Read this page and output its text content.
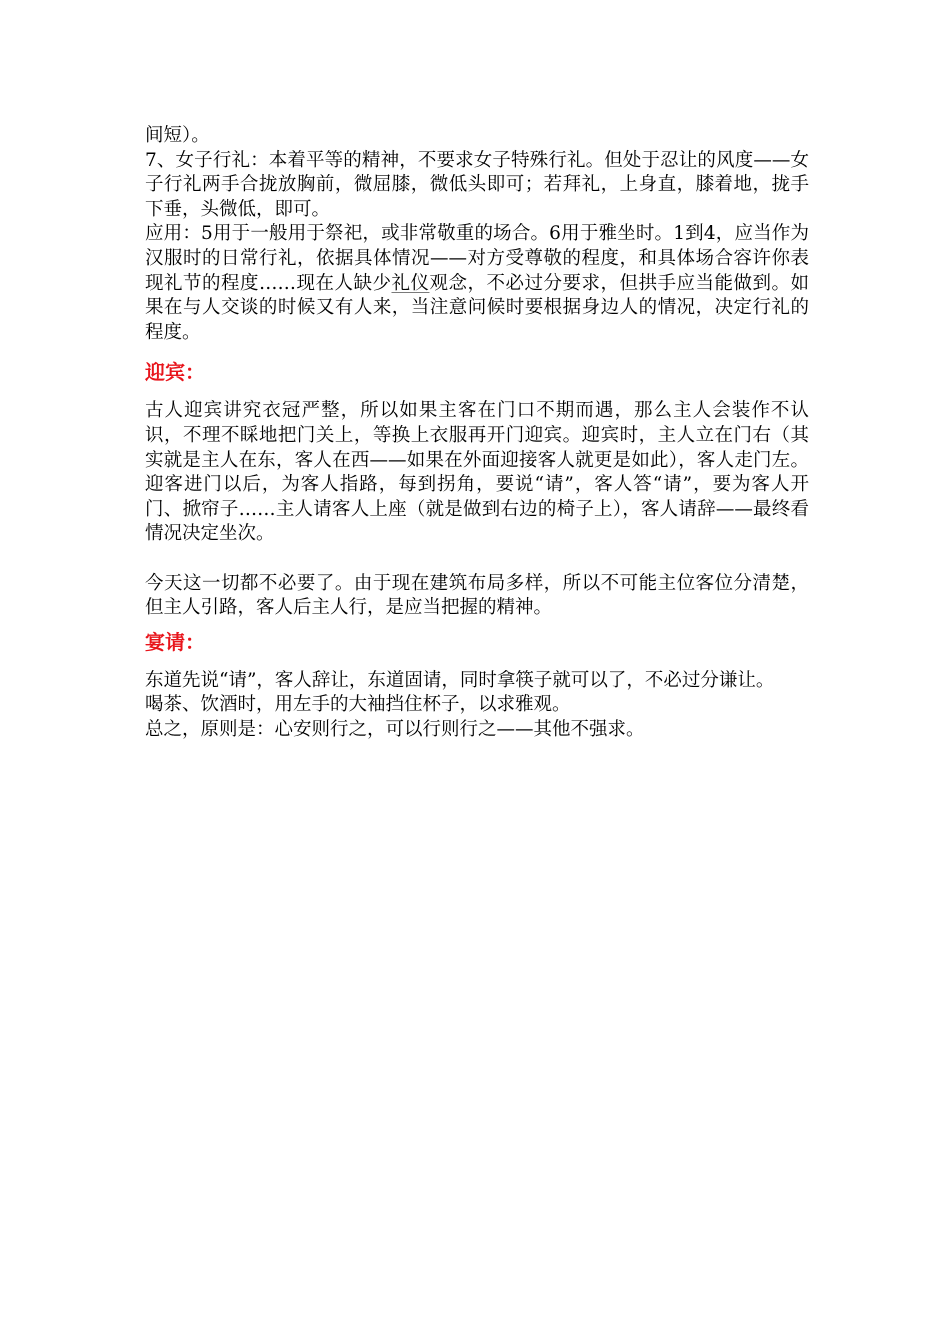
间短）。

7、女子行礼：本着平等的精神，不要求女子特殊行礼。但处于忍让的风度——女子行礼两手合拢放胸前，微屈膝，微低头即可；若拜礼，上身直，膝着地，拢手下垂，头微低，即可。

应用：5用于一般用于祭祀，或非常敬重的场合。6用于雅坐时。1到4，应当作为汉服时的日常行礼，依据具体情况——对方受尊敬的程度，和具体场合容许你表现礼节的程度……现在人缺少礼仪观念，不必过分要求，但拱手应当能做到。如果在与人交谈的时候又有人来，当注意问候时要根据身边人的情况，决定行礼的程度。

迎宾：

古人迎宾讲究衣冠严整，所以如果主客在门口不期而遇，那么主人会装作不认识，不理不睬地把门关上，等换上衣服再开门迎宾。迎宾时，主人立在门右（其实就是主人在东，客人在西——如果在外面迎接客人就更是如此），客人走门左。迎客进门以后，为客人指路，每到拐角，要说“请”，客人答“请”，要为客人开门、掀帘子……主人请客人上座（就是做到右边的椅子上），客人请辞——最终看情况决定坐次。

今天这一切都不必要了。由于现在建筑布局多样，所以不可能主位客位分清楚，但主人引路，客人后主人行，是应当把握的精神。

宴请：

东道先说“请”，客人辞让，东道固请，同时拿筷子就可以了，不必过分谦让。

喝茶、饮酒时，用左手的大袖挡住杯子，以求雅观。

总之，原则是：心安则行之，可以行则行之——其他不强求。
